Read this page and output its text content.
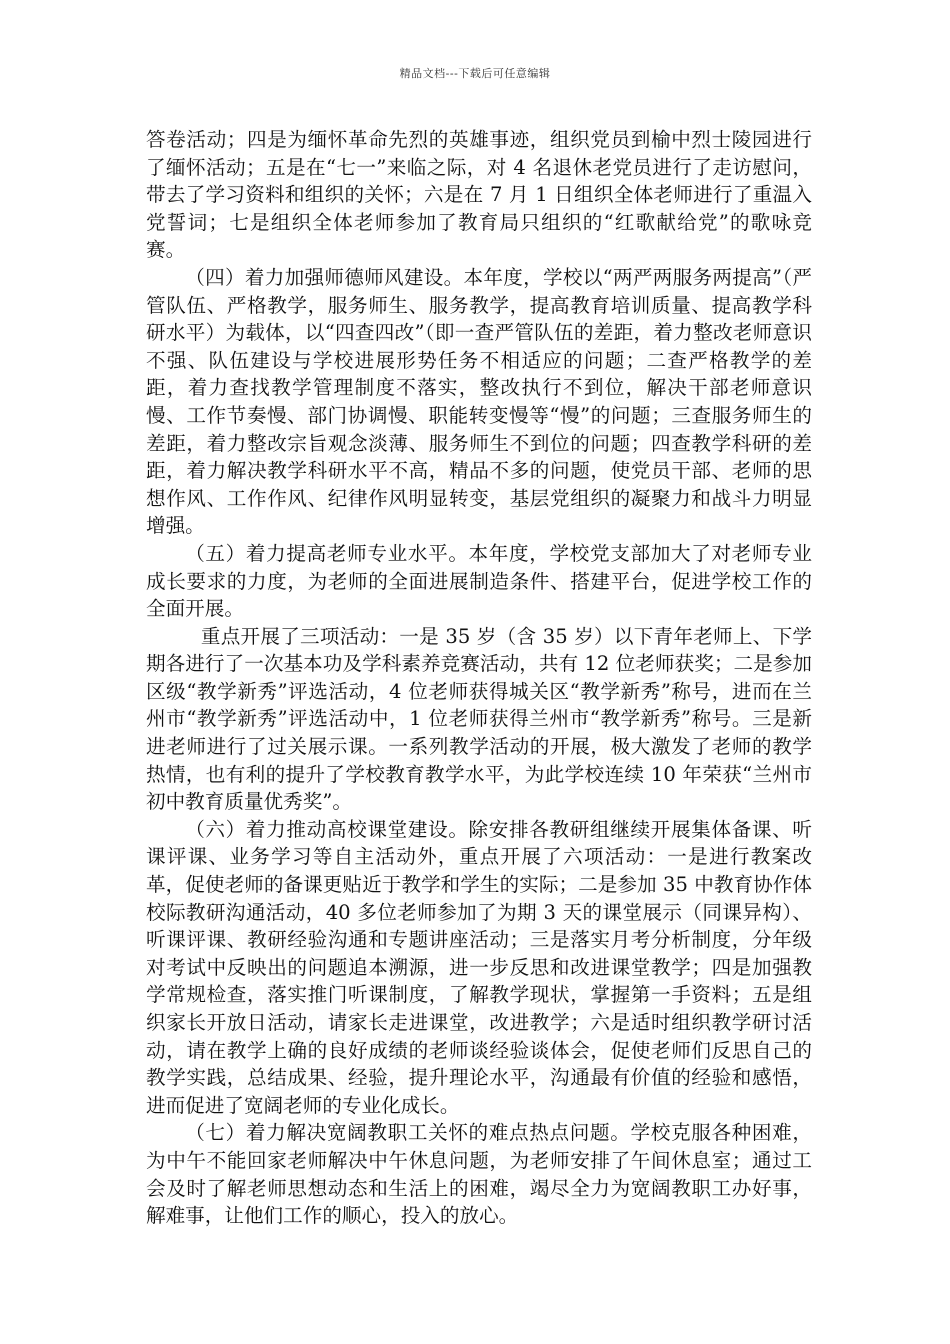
精品文档---下载后可任意编辑

答卷活动；四是为缅怀革命先烈的英雄事迹，组织党员到榆中烈士陵园进行了缅怀活动；五是在“七一”来临之际，对 4 名退休老党员进行了走访慰问，带去了学习资料和组织的关怀；六是在 7 月 1 日组织全体老师进行了重温入党誓词；七是组织全体老师参加了教育局只组织的“红歌献给党”的歌咏竞赛。

（四）着力加强师德师风建设。本年度，学校以“两严两服务两提高”（严管队伍、严格教学，服务师生、服务教学，提高教育培训质量、提高教学科研水平）为载体，以“四查四改”（即一查严管队伍的差距，着力整改老师意识不强、队伍建设与学校进展形势任务不相适应的问题；二查严格教学的差距，着力查找教学管理制度不落实，整改执行不到位，解决干部老师意识慢、工作节奏慢、部门协调慢、职能转变慢等“慢”的问题；三查服务师生的差距，着力整改宗旨观念淡薄、服务师生不到位的问题；四查教学科研的差距，着力解决教学科研水平不高，精品不多的问题，使党员干部、老师的思想作风、工作作风、纪律作风明显转变，基层党组织的凝聚力和战斗力明显增强。

（五）着力提高老师专业水平。本年度，学校党支部加大了对老师专业成长要求的力度，为老师的全面进展制造条件、搭建平台，促进学校工作的全面开展。

重点开展了三项活动：一是 35 岁（含 35 岁）以下青年老师上、下学期各进行了一次基本功及学科素养竞赛活动，共有 12 位老师获奖；二是参加区级“教学新秀”评选活动，4 位老师获得城关区“教学新秀”称号，进而在兰州市“教学新秀”评选活动中，1 位老师获得兰州市“教学新秀”称号。三是新进老师进行了过关展示课。一系列教学活动的开展，极大激发了老师的教学热情，也有利的提升了学校教育教学水平，为此学校连续 10 年荣获“兰州市初中教育质量优秀奖”。

（六）着力推动高校课堂建设。除安排各教研组继续开展集体备课、听课评课、业务学习等自主活动外，重点开展了六项活动：一是进行教案改革，促使老师的备课更贴近于教学和学生的实际；二是参加 35 中教育协作体校际教研沟通活动，40 多位老师参加了为期 3 天的课堂展示（同课异构）、听课评课、教研经验沟通和专题讲座活动；三是落实月考分析制度，分年级对考试中反映出的问题追本溯源，进一步反思和改进课堂教学；四是加强教学常规检查，落实推门听课制度，了解教学现状，掌握第一手资料；五是组织家长开放日活动，请家长走进课堂，改进教学；六是适时组织教学研讨活动，请在教学上确的良好成绩的老师谈经验谈体会，促使老师们反思自己的教学实践，总结成果、经验，提升理论水平，沟通最有价值的经验和感悟，进而促进了宽阔老师的专业化成长。

（七）着力解决宽阔教职工关怀的难点热点问题。学校克服各种困难，为中午不能回家老师解决中午休息问题，为老师安排了午间休息室；通过工会及时了解老师思想动态和生活上的困难，竭尽全力为宽阔教职工办好事，解难事，让他们工作的顺心，投入的放心。
